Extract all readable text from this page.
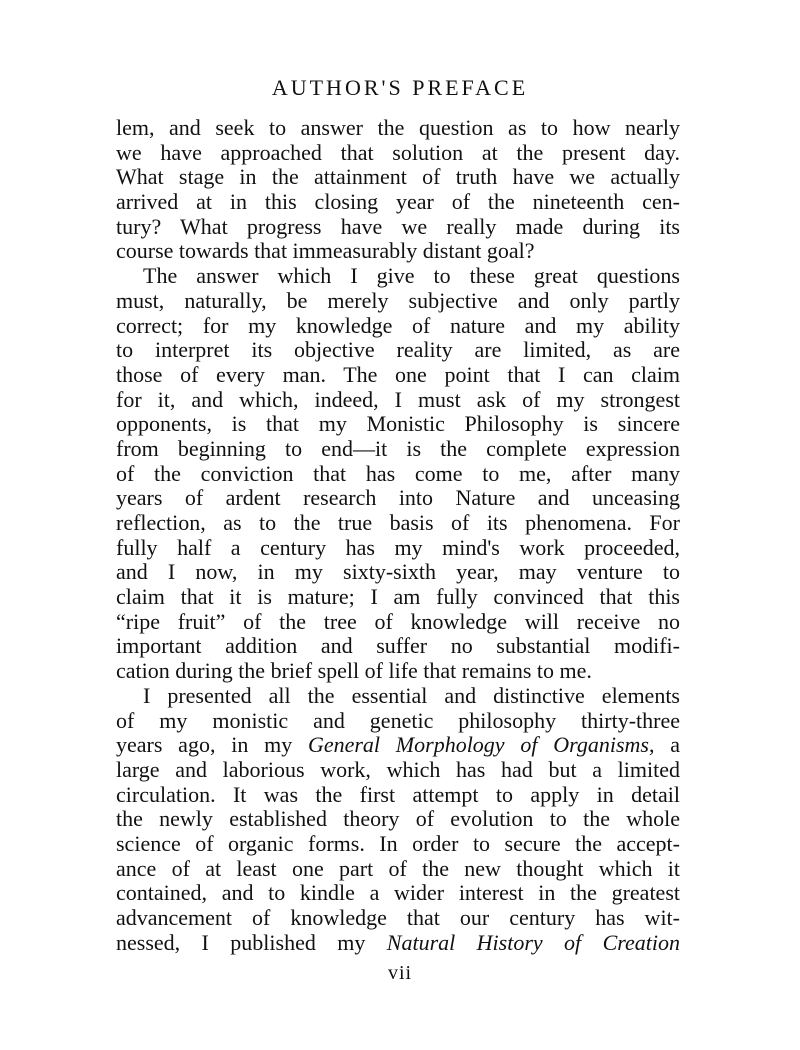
AUTHOR'S PREFACE
lem, and seek to answer the question as to how nearly
we have approached that solution at the present day.
What stage in the attainment of truth have we actually
arrived at in this closing year of the nineteenth cen-
tury? What progress have we really made during its
course towards that immeasurably distant goal?
The answer which I give to these great questions
must, naturally, be merely subjective and only partly
correct; for my knowledge of nature and my ability
to interpret its objective reality are limited, as are
those of every man. The one point that I can claim
for it, and which, indeed, I must ask of my strongest
opponents, is that my Monistic Philosophy is sincere
from beginning to end—it is the complete expression
of the conviction that has come to me, after many
years of ardent research into Nature and unceasing
reflection, as to the true basis of its phenomena. For
fully half a century has my mind's work proceeded,
and I now, in my sixty-sixth year, may venture to
claim that it is mature; I am fully convinced that this
“ripe fruit” of the tree of knowledge will receive no
important addition and suffer no substantial modifi-
cation during the brief spell of life that remains to me.
I presented all the essential and distinctive elements
of my monistic and genetic philosophy thirty-three
years ago, in my General Morphology of Organisms, a
large and laborious work, which has had but a limited
circulation. It was the first attempt to apply in detail
the newly established theory of evolution to the whole
science of organic forms. In order to secure the accept-
ance of at least one part of the new thought which it
contained, and to kindle a wider interest in the greatest
advancement of knowledge that our century has wit-
nessed, I published my Natural History of Creation
vii
